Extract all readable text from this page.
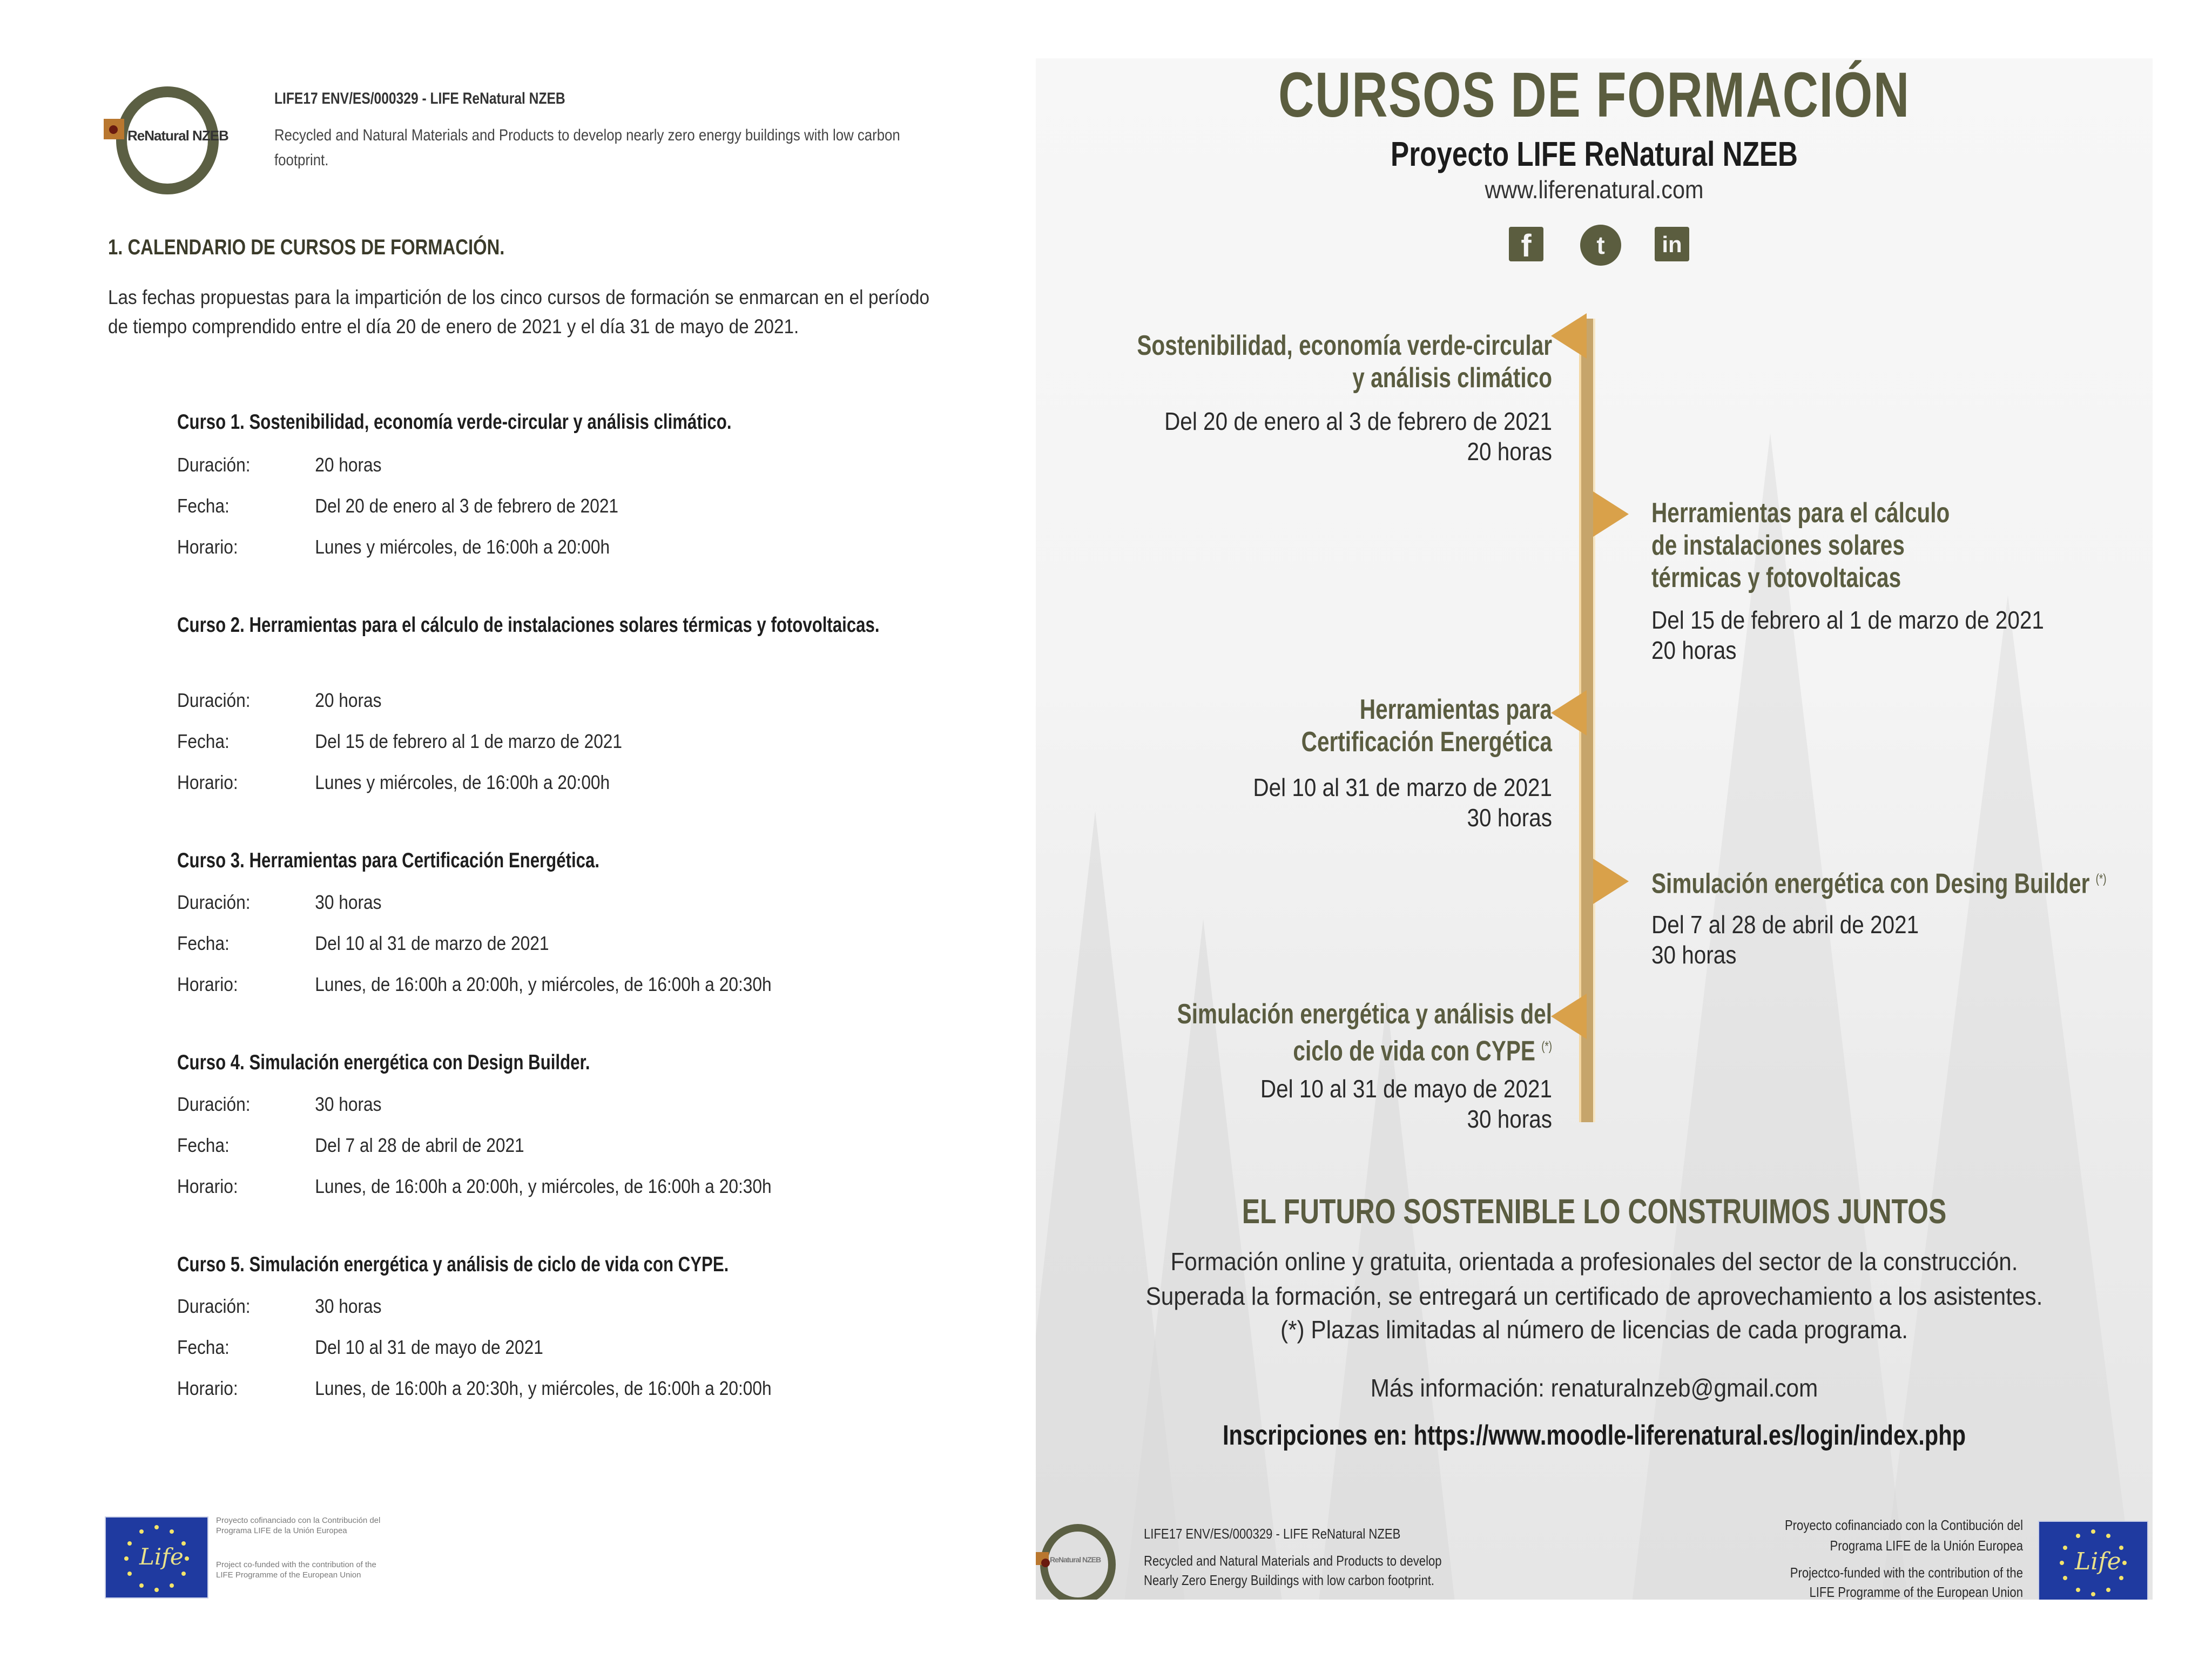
ReNatural NZEB
LIFE17 ENV/ES/000329 - LIFE ReNatural NZEB
Recycled and Natural Materials and Products to develop nearly zero energy buildings with low carbon footprint.
1. CALENDARIO DE CURSOS DE FORMACIÓN.
Las fechas propuestas para la impartición de los cinco cursos de formación se enmarcan en el período de tiempo comprendido entre el día 20 de enero de 2021 y el día 31 de mayo de 2021.
Curso 1. Sostenibilidad, economía verde-circular y análisis climático.
Duración:	20 horas
Fecha:	Del 20 de enero al 3 de febrero de 2021
Horario:	Lunes y miércoles, de 16:00h a 20:00h
Curso 2. Herramientas para el cálculo de instalaciones solares térmicas y fotovoltaicas.
Duración:	20 horas
Fecha:	Del 15 de febrero al 1 de marzo de 2021
Horario:	Lunes y miércoles, de 16:00h a 20:00h
Curso 3. Herramientas para Certificación Energética.
Duración:	30 horas
Fecha:	Del 10 al 31 de marzo de 2021
Horario:	Lunes, de 16:00h a 20:00h, y miércoles, de 16:00h a 20:30h
Curso 4. Simulación energética con Design Builder.
Duración:	30 horas
Fecha:	Del 7 al 28 de abril de 2021
Horario:	Lunes, de 16:00h a 20:00h, y miércoles, de 16:00h a 20:30h
Curso 5. Simulación energética y análisis de ciclo de vida con CYPE.
Duración:	30 horas
Fecha:	Del 10 al 31 de mayo de 2021
Horario:	Lunes, de 16:00h a 20:30h, y miércoles, de 16:00h a 20:00h
Life
Proyecto cofinanciado con la Contribución del Programa LIFE de la Unión Europea
Project co-funded with the contribution of the LIFE Programme of the European Union
CURSOS DE FORMACIÓN
Proyecto LIFE ReNatural NZEB
www.liferenatural.com
f	t	in
Sostenibilidad, economía verde-circular y análisis climático
Del 20 de enero al 3 de febrero de 2021
20 horas
Herramientas para el cálculo de instalaciones solares térmicas y fotovoltaicas
Del 15 de febrero al 1 de marzo de 2021
20 horas
Herramientas para Certificación Energética
Del 10 al 31 de marzo de 2021
30 horas
Simulación energética con Desing Builder (*)
Del 7 al 28 de abril de 2021
30 horas
Simulación energética y análisis del ciclo de vida con CYPE (*)
Del 10 al 31 de mayo de 2021
30 horas
EL FUTURO SOSTENIBLE LO CONSTRUIMOS JUNTOS
Formación online y gratuita, orientada a profesionales del sector de la construcción.
Superada la formación, se entregará un certificado de aprovechamiento a los asistentes.
(*) Plazas limitadas al número de licencias de cada programa.
Más información: renaturalnzeb@gmail.com
Inscripciones en: https://www.moodle-liferenatural.es/login/index.php
ReNatural NZEB
LIFE17 ENV/ES/000329 - LIFE ReNatural NZEB
Recycled and Natural Materials and Products to develop
Nearly Zero Energy Buildings with low carbon footprint.
Proyecto cofinanciado con la Contibución del
Programa LIFE de la Unión Europea
Projectco-funded with the contribution of the
LIFE Programme of the European Union
Life
